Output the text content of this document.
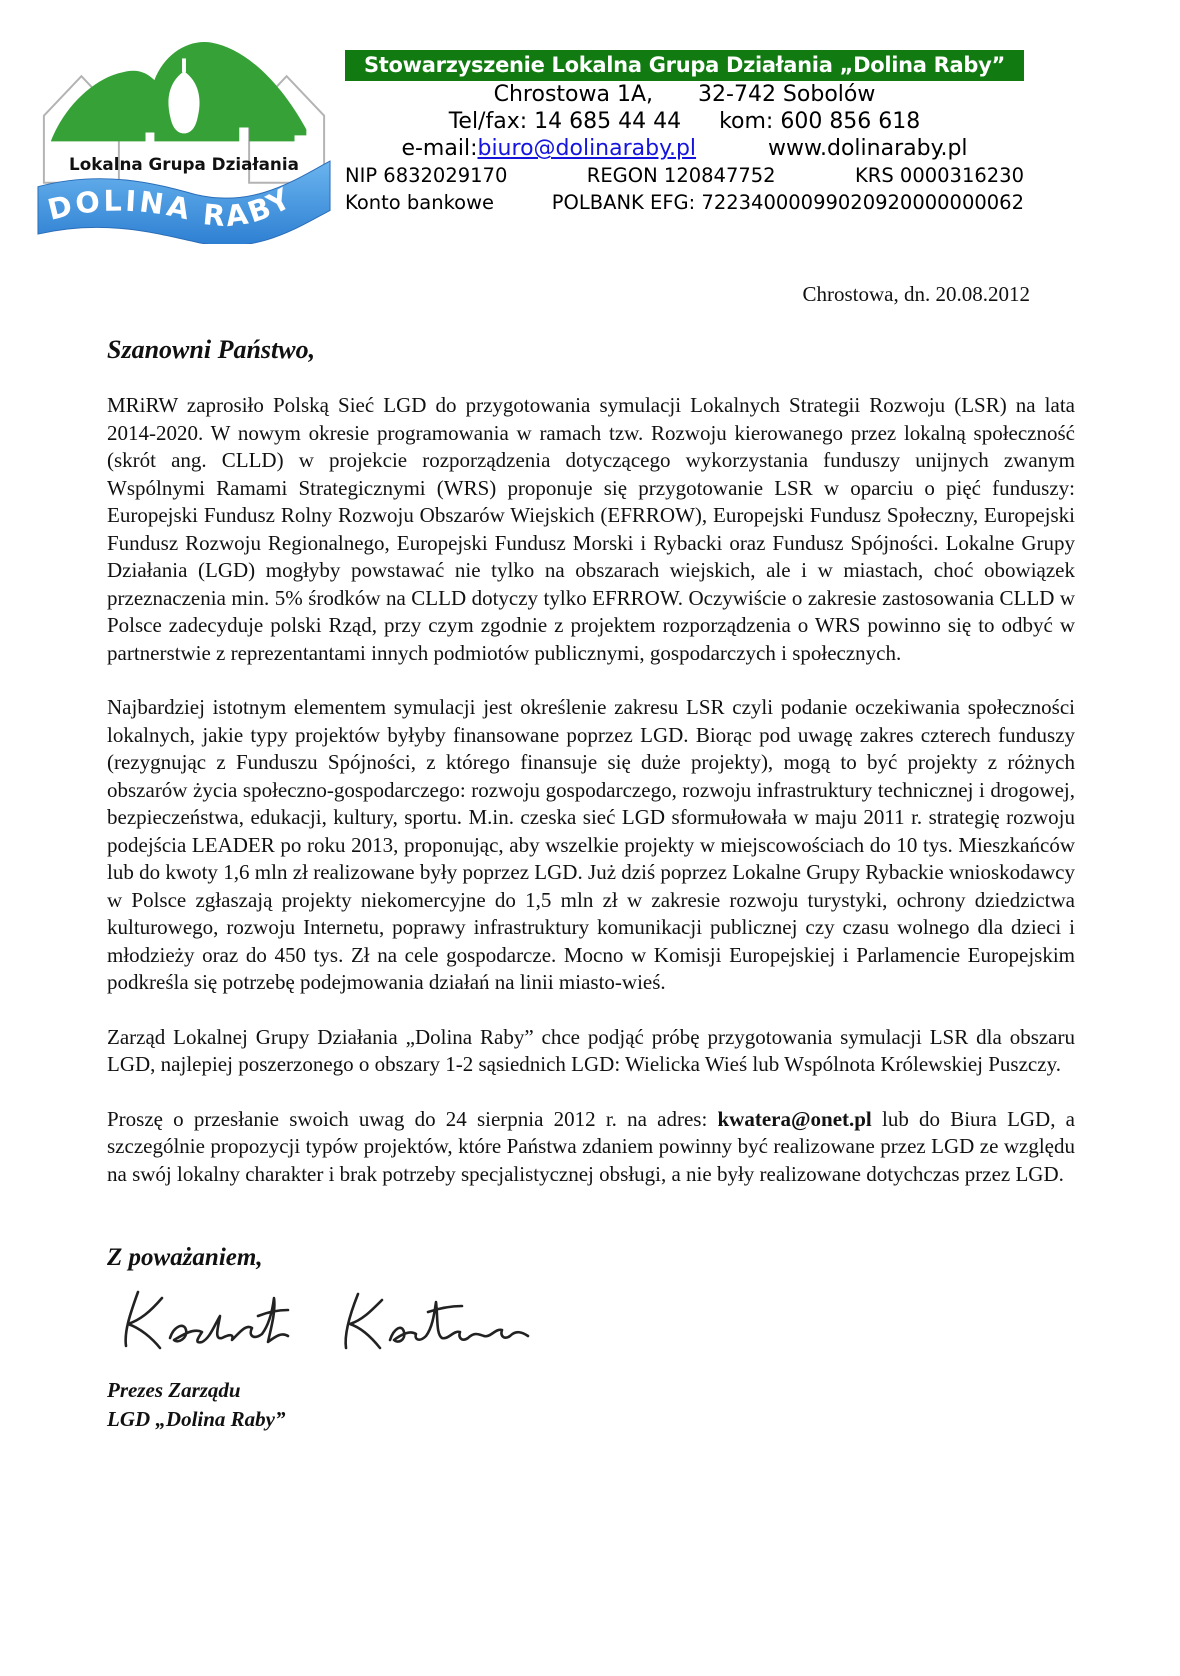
Lokalna Grupa Działania
DOLINA RABY
Stowarzyszenie Lokalna Grupa Działania „Dolina Raby”
Chrostowa 1A, 32-742 Sobolów
Tel/fax: 14 685 44 44 kom: 600 856 618
e-mail:biuro@dolinaraby.pl	www.dolinaraby.pl
NIP 6832029170	REGON 120847752	KRS 0000316230
Konto bankowe	POLBANK EFG: 72234000099020920000000062
Chrostowa, dn. 20.08.2012
Szanowni Państwo,

MRiRW zaprosiło Polską Sieć LGD do przygotowania symulacji Lokalnych Strategii Rozwoju (LSR) na lata 2014-2020. W nowym okresie programowania w ramach tzw. Rozwoju kierowanego przez lokalną społeczność (skrót ang. CLLD) w projekcie rozporządzenia dotyczącego wykorzystania funduszy unijnych zwanym Wspólnymi Ramami Strategicznymi (WRS) proponuje się przygotowanie LSR w oparciu o pięć funduszy: Europejski Fundusz Rolny Rozwoju Obszarów Wiejskich (EFRROW), Europejski Fundusz Społeczny, Europejski Fundusz Rozwoju Regionalnego, Europejski Fundusz Morski i Rybacki oraz Fundusz Spójności. Lokalne Grupy Działania (LGD) mogłyby powstawać nie tylko na obszarach wiejskich, ale i w miastach, choć obowiązek przeznaczenia min. 5% środków na CLLD dotyczy tylko EFRROW. Oczywiście o zakresie zastosowania CLLD w Polsce zadecyduje polski Rząd, przy czym zgodnie z projektem rozporządzenia o WRS powinno się to odbyć w partnerstwie z reprezentantami innych podmiotów publicznymi, gospodarczych i społecznych.

Najbardziej istotnym elementem symulacji jest określenie zakresu LSR czyli podanie oczekiwania społeczności lokalnych, jakie typy projektów byłyby finansowane poprzez LGD. Biorąc pod uwagę zakres czterech funduszy (rezygnując z Funduszu Spójności, z którego finansuje się duże projekty), mogą to być projekty z różnych obszarów życia społeczno-gospodarczego: rozwoju gospodarczego, rozwoju infrastruktury technicznej i drogowej, bezpieczeństwa, edukacji, kultury, sportu. M.in. czeska sieć LGD sformułowała w maju 2011 r. strategię rozwoju podejścia LEADER po roku 2013, proponując, aby wszelkie projekty w miejscowościach do 10 tys. Mieszkańców lub do kwoty 1,6 mln zł realizowane były poprzez LGD. Już dziś poprzez Lokalne Grupy Rybackie wnioskodawcy w Polsce zgłaszają projekty niekomercyjne do 1,5 mln zł w zakresie rozwoju turystyki, ochrony dziedzictwa kulturowego, rozwoju Internetu, poprawy infrastruktury komunikacji publicznej czy czasu wolnego dla dzieci i młodzieży oraz do 450 tys. Zł na cele gospodarcze. Mocno w Komisji Europejskiej i Parlamencie Europejskim podkreśla się potrzebę podejmowania działań na linii miasto-wieś.

Zarząd Lokalnej Grupy Działania „Dolina Raby” chce podjąć próbę przygotowania symulacji LSR dla obszaru LGD, najlepiej poszerzonego o obszary 1-2 sąsiednich LGD: Wielicka Wieś lub Wspólnota Królewskiej Puszczy.

Proszę o przesłanie swoich uwag do 24 sierpnia 2012 r. na adres: kwatera@onet.pl lub do Biura LGD, a szczególnie propozycji typów projektów, które Państwa zdaniem powinny być realizowane przez LGD ze względu na swój lokalny charakter i brak potrzeby specjalistycznej obsługi, a nie były realizowane dotychczas przez LGD.

Z poważaniem,
Prezes Zarządu
LGD „Dolina Raby”
